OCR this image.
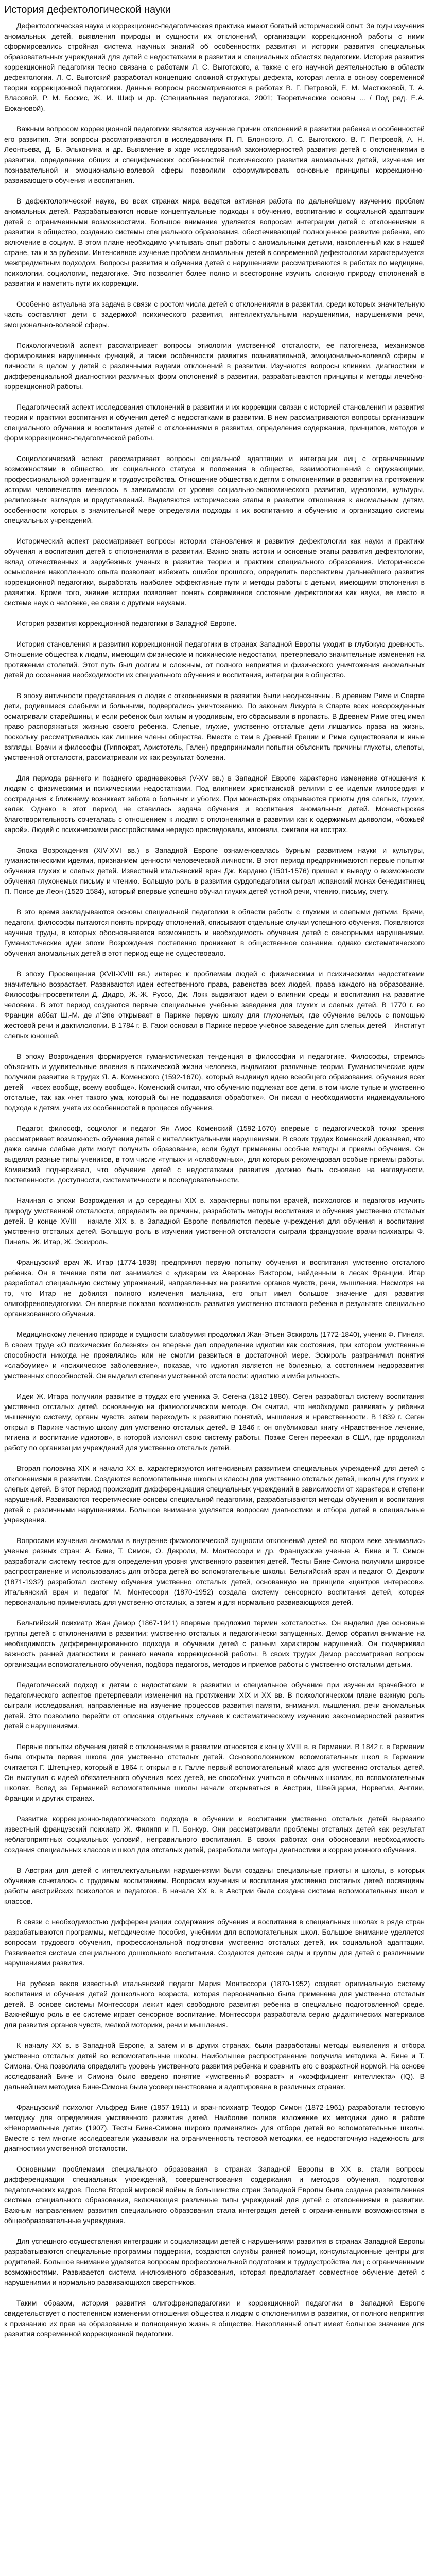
История дефектологической науки

Дефектологическая наука и коррекционно-педагогическая практика имеют богатый исторический опыт. За годы изучения аномальных детей, выявления природы и сущности их отклонений, организации коррекционной работы с ними сформировались стройная система научных знаний об особенностях развития и истории развития специальных образовательных учреждений для детей с недостатками в развитии и специальных областях педагогики. История развития коррекционной педагогики тесно связана с работами Л. С. Выготского, а также с его научной деятельностью в области дефектологии. Л. С. Выготский разработал концепцию сложной структуры дефекта, которая легла в основу современной теории коррекционной педагогики. Данные вопросы рассматриваются в работах В. Г. Петровой, Е. М. Мастюковой, Т. А. Власовой, Р. М. Боскис, Ж. И. Шиф и др. (Специальная педагогика, 2001; Теоретические основы ... / Под ред. Е.А. Екжановой).

Важным вопросом коррекционной педагогики является изучение причин отклонений в развитии ребенка и особенностей его развития. Эти вопросы рассматриваются в исследованиях П. П. Блонского, Л. С. Выготского, В. Г. Петровой, А. Н. Леонтьева, Д. Б. Эльконина и др. Выявление в ходе исследований закономерностей развития детей с отклонениями в развитии, определение общих и специфических особенностей психического развития аномальных детей, изучение их познавательной и эмоционально-волевой сферы позволили сформулировать основные принципы коррекционно-развивающего обучения и воспитания.

В дефектологической науке, во всех странах мира ведется активная работа по дальнейшему изучению проблем аномальных детей. Разрабатываются новые концептуальные подходы к обучению, воспитанию и социальной адаптации детей с ограниченными возможностями. Большое внимание уделяется вопросам интеграции детей с отклонениями в развитии в общество, созданию системы специального образования, обеспечивающей полноценное развитие ребенка, его включение в социум. В этом плане необходимо учитывать опыт работы с аномальными детьми, накопленный как в нашей стране, так и за рубежом. Интенсивное изучение проблем аномальных детей в современной дефектологии характеризуется межпредметным подходом. Вопросы развития и обучения детей с нарушениями рассматриваются в работах по медицине, психологии, социологии, педагогике. Это позволяет более полно и всесторонне изучить сложную природу отклонений в развитии и наметить пути их коррекции.

Особенно актуальна эта задача в связи с ростом числа детей с отклонениями в развитии, среди которых значительную часть составляют дети с задержкой психического развития, интеллектуальными нарушениями, нарушениями речи, эмоционально-волевой сферы.

Психологический аспект рассматривает вопросы этиологии умственной отсталости, ее патогенеза, механизмов формирования нарушенных функций, а также особенности развития познавательной, эмоционально-волевой сферы и личности в целом у детей с различными видами отклонений в развитии. Изучаются вопросы клиники, диагностики и дифференциальной диагностики различных форм отклонений в развитии, разрабатываются принципы и методы лечебно-коррекционной работы.

Педагогический аспект исследования отклонений в развитии и их коррекции связан с историей становления и развития теории и практики воспитания и обучения детей с недостатками в развитии. В нем рассматриваются вопросы организации специального обучения и воспитания детей с отклонениями в развитии, определения содержания, принципов, методов и форм коррекционно-педагогической работы.

Социологический аспект рассматривает вопросы социальной адаптации и интеграции лиц с ограниченными возможностями в общество, их социального статуса и положения в обществе, взаимоотношений с окружающими, профессиональной ориентации и трудоустройства. Отношение общества к детям с отклонениями в развитии на протяжении истории человечества менялось в зависимости от уровня социально-экономического развития, идеологии, культуры, религиозных взглядов и представлений. Выделяются исторические этапы в развитии отношения к аномальным детям, особенности которых в значительной мере определяли подходы к их воспитанию и обучению и организацию системы специальных учреждений.

Исторический аспект рассматривает вопросы истории становления и развития дефектологии как науки и практики обучения и воспитания детей с отклонениями в развитии. Важно знать истоки и основные этапы развития дефектологии, вклад отечественных и зарубежных ученых в развитие теории и практики специального образования. Историческое осмысление накопленного опыта позволяет избежать ошибок прошлого, определить перспективы дальнейшего развития коррекционной педагогики, выработать наиболее эффективные пути и методы работы с детьми, имеющими отклонения в развитии. Кроме того, знание истории позволяет понять современное состояние дефектологии как науки, ее место в системе наук о человеке, ее связи с другими науками.

История развития коррекционной педагогики в Западной Европе.

История становления и развития коррекционной педагогики в странах Западной Европы уходит в глубокую древность. Отношение общества к людям, имеющим физические и психические недостатки, претерпевало значительные изменения на протяжении столетий. Этот путь был долгим и сложным, от полного неприятия и физического уничтожения аномальных детей до осознания необходимости их специального обучения и воспитания, интеграции в общество.

В эпоху античности представления о людях с отклонениями в развитии были неоднозначны. В древнем Риме и Спарте дети, родившиеся слабыми и больными, подвергались уничтожению. По законам Ликурга в Спарте всех новорожденных осматривали старейшины, и если ребенок был хилым и уродливым, его сбрасывали в пропасть. В Древнем Риме отец имел право распоряжаться жизнью своего ребенка. Слепые, глухие, умственно отсталые дети лишались права на жизнь, поскольку рассматривались как лишние члены общества. Вместе с тем в Древней Греции и Риме существовали и иные взгляды. Врачи и философы (Гиппократ, Аристотель, Гален) предпринимали попытки объяснить причины глухоты, слепоты, умственной отсталости, рассматривали их как результат болезни.

Для периода раннего и позднего средневековья (V-XV вв.) в Западной Европе характерно изменение отношения к людям с физическими и психическими недостатками. Под влиянием христианской религии с ее идеями милосердия и сострадания к ближнему возникает забота о больных и убогих. При монастырях открываются приюты для слепых, глухих, калек. Однако в этот период не ставилась задача обучения и воспитания аномальных детей. Монастырская благотворительность сочеталась с отношением к людям с отклонениями в развитии как к одержимым дьяволом, «божьей карой». Людей с психическими расстройствами нередко преследовали, изгоняли, сжигали на кострах.

Эпоха Возрождения (XIV-XVI вв.) в Западной Европе ознаменовалась бурным развитием науки и культуры, гуманистическими идеями, признанием ценности человеческой личности. В этот период предпринимаются первые попытки обучения глухих и слепых детей. Известный итальянский врач Дж. Кардано (1501-1576) пришел к выводу о возможности обучения глухонемых письму и чтению. Большую роль в развитии сурдопедагогики сыграл испанский монах-бенедиктинец П. Понсе де Леон (1520-1584), который впервые успешно обучал глухих детей устной речи, чтению, письму, счету.

В это время закладываются основы специальной педагогики в области работы с глухими и слепыми детьми. Врачи, педагоги, философы пытаются понять природу отклонений, описывают отдельные случаи успешного обучения. Появляются научные труды, в которых обосновывается возможность и необходимость обучения детей с сенсорными нарушениями. Гуманистические идеи эпохи Возрождения постепенно проникают в общественное сознание, однако систематического обучения аномальных детей в этот период еще не существовало.

В эпоху Просвещения (XVII-XVIII вв.) интерес к проблемам людей с физическими и психическими недостатками значительно возрастает. Развиваются идеи естественного права, равенства всех людей, права каждого на образование. Философы-просветители Д. Дидро, Ж.-Ж. Руссо, Дж. Локк выдвигают идеи о влиянии среды и воспитания на развитие человека. В этот период создаются первые специальные учебные заведения для глухих и слепых детей. В 1770 г. во Франции аббат Ш.-М. де л’Эпе открывает в Париже первую школу для глухонемых, где обучение велось с помощью жестовой речи и дактилологии. В 1784 г. В. Гаюи основал в Париже первое учебное заведение для слепых детей – Институт слепых юношей.

В эпоху Возрождения формируется гуманистическая тенденция в философии и педагогике. Философы, стремясь объяснить и удивительные явления в психической жизни человека, выдвигают различные теории. Гуманистические идеи получили развитие в трудах Я. А. Коменского (1592-1670), который выдвинул идею всеобщего образования, обучения всех детей – «всех вообще, всему вообще». Коменский считал, что обучению подлежат все дети, в том числе тупые и умственно отсталые, так как «нет такого ума, который бы не поддавался обработке». Он писал о необходимости индивидуального подхода к детям, учета их особенностей в процессе обучения.

Педагог, философ, социолог и педагог Ян Амос Коменский (1592-1670) впервые с педагогической точки зрения рассматривает возможность обучения детей с интеллектуальными нарушениями. В своих трудах Коменский доказывал, что даже самые слабые дети могут получить образование, если будут применены особые методы и приемы обучения. Он выделял разные типы учеников, в том числе «тупых» и «слабоумных», для которых рекомендовал особые приемы работы. Коменский подчеркивал, что обучение детей с недостатками развития должно быть основано на наглядности, постепенности, доступности, систематичности и последовательности.

Начиная с эпохи Возрождения и до середины XIX в. характерны попытки врачей, психологов и педагогов изучить природу умственной отсталости, определить ее причины, разработать методы воспитания и обучения умственно отсталых детей. В конце XVIII – начале XIX в. в Западной Европе появляются первые учреждения для обучения и воспитания умственно отсталых детей. Большую роль в изучении умственной отсталости сыграли французские врачи-психиатры Ф. Пинель, Ж. Итар, Ж. Эскироль.

Французский врач Ж. Итар (1774-1838) предпринял первую попытку обучения и воспитания умственно отсталого ребенка. Он в течение пяти лет занимался с «дикарем из Аверона» Виктором, найденным в лесах Франции. Итар разработал специальную систему упражнений, направленных на развитие органов чувств, речи, мышления. Несмотря на то, что Итар не добился полного излечения мальчика, его опыт имел большое значение для развития олигофренопедагогики. Он впервые показал возможность развития умственно отсталого ребенка в результате специально организованного обучения.

Медицинскому лечению природе и сущности слабоумия продолжил Жан-Этьен Эскироль (1772-1840), ученик Ф. Пинеля. В своем труде «О психических болезнях» он впервые дал определение идиотии как состояния, при котором умственные способности никогда не проявлялись или не смогли развиться в достаточной мере. Эскироль разграничил понятия «слабоумие» и «психическое заболевание», показав, что идиотия является не болезнью, а состоянием недоразвития умственных способностей. Он выделил степени умственной отсталости: идиотию и имбецильность.

Идеи Ж. Итара получили развитие в трудах его ученика Э. Сегена (1812-1880). Сеген разработал систему воспитания умственно отсталых детей, основанную на физиологическом методе. Он считал, что необходимо развивать у ребенка мышечную систему, органы чувств, затем переходить к развитию понятий, мышления и нравственности. В 1839 г. Сеген открыл в Париже частную школу для умственно отсталых детей. В 1846 г. он опубликовал книгу «Нравственное лечение, гигиена и воспитание идиотов», в которой изложил свою систему работы. Позже Сеген переехал в США, где продолжал работу по организации учреждений для умственно отсталых детей.

Вторая половина XIX и начало XX в. характеризуются интенсивным развитием специальных учреждений для детей с отклонениями в развитии. Создаются вспомогательные школы и классы для умственно отсталых детей, школы для глухих и слепых детей. В этот период происходит дифференциация специальных учреждений в зависимости от характера и степени нарушений. Развиваются теоретические основы специальной педагогики, разрабатываются методы обучения и воспитания детей с различными нарушениями. Большое внимание уделяется вопросам диагностики и отбора детей в специальные учреждения.

Вопросами изучения аномалии в внутренне-физиологической сущности отклонений детей во втором веке занимались ученые разных стран: А. Бине, Т. Симон, О. Декроли, М. Монтессори и др. Французские ученые А. Бине и Т. Симон разработали систему тестов для определения уровня умственного развития детей. Тесты Бине-Симона получили широкое распространение и использовались для отбора детей во вспомогательные школы. Бельгийский врач и педагог О. Декроли (1871-1932) разработал систему обучения умственно отсталых детей, основанную на принципе «центров интересов». Итальянский врач и педагог М. Монтессори (1870-1952) создала систему сенсорного воспитания детей, которая первоначально применялась для умственно отсталых, а затем и для нормально развивающихся детей.

Бельгийский психиатр Жан Демор (1867-1941) впервые предложил термин «отсталость». Он выделил две основные группы детей с отклонениями в развитии: умственно отсталых и педагогически запущенных. Демор обратил внимание на необходимость дифференцированного подхода в обучении детей с разным характером нарушений. Он подчеркивал важность ранней диагностики и раннего начала коррекционной работы. В своих трудах Демор рассматривал вопросы организации вспомогательного обучения, подбора педагогов, методов и приемов работы с умственно отсталыми детьми.

Педагогический подход к детям с недостатками в развитии и специальное обучение при изучении врачебного и педагогического аспектов претерпевали изменения на протяжении XIX и XX вв. В психологическом плане важную роль сыграли исследования, направленные на изучение процессов развития памяти, внимания, мышления, речи аномальных детей. Это позволило перейти от описания отдельных случаев к систематическому изучению закономерностей развития детей с нарушениями.

Первые попытки обучения детей с отклонениями в развитии относятся к концу XVIII в. в Германии. В 1842 г. в Германии была открыта первая школа для умственно отсталых детей. Основоположником вспомогательных школ в Германии считается Г. Штетцнер, который в 1864 г. открыл в г. Галле первый вспомогательный класс для умственно отсталых детей. Он выступил с идеей обязательного обучения всех детей, не способных учиться в обычных школах, во вспомогательных школах. Вслед за Германией вспомогательные школы начали открываться в Австрии, Швейцарии, Норвегии, Англии, Франции и других странах.

Развитие коррекционно-педагогического подхода в обучении и воспитании умственно отсталых детей выразило известный французский психиатр Ж. Филипп и П. Бонкур. Они рассматривали проблемы отсталых детей как результат неблагоприятных социальных условий, неправильного воспитания. В своих работах они обосновали необходимость создания специальных классов и школ для отсталых детей, разработали методы диагностики и коррекционного обучения.

В Австрии для детей с интеллектуальными нарушениями были созданы специальные приюты и школы, в которых обучение сочеталось с трудовым воспитанием. Вопросам изучения и воспитания умственно отсталых детей посвящены работы австрийских психологов и педагогов. В начале XX в. в Австрии была создана система вспомогательных школ и классов.

В связи с необходимостью дифференциации содержания обучения и воспитания в специальных школах в ряде стран разрабатываются программы, методические пособия, учебники для вспомогательных школ. Большое внимание уделяется вопросам трудового обучения, профессиональной подготовки умственно отсталых детей, их социальной адаптации. Развивается система специального дошкольного воспитания. Создаются детские сады и группы для детей с различными нарушениями развития.

На рубеже веков известный итальянский педагог Мария Монтессори (1870-1952) создает оригинальную систему воспитания и обучения детей дошкольного возраста, которая первоначально была применена для умственно отсталых детей. В основе системы Монтессори лежит идея свободного развития ребенка в специально подготовленной среде. Важнейшую роль в ее системе играет сенсорное воспитание. Монтессори разработала серию дидактических материалов для развития органов чувств, мелкой моторики, речи и мышления.

К началу XX в. в Западной Европе, а затем и в других странах, были разработаны методы выявления и отбора умственно отсталых детей во вспомогательные школы. Наибольшее распространение получила методика А. Бине и Т. Симона. Она позволила определить уровень умственного развития ребенка и сравнить его с возрастной нормой. На основе исследований Бине и Симона было введено понятие «умственный возраст» и «коэффициент интеллекта» (IQ). В дальнейшем методика Бине-Симона была усовершенствована и адаптирована в различных странах.

Французский психолог Альфред Бине (1857-1911) и врач-психиатр Теодор Симон (1872-1961) разработали тестовую методику для определения умственного развития детей. Наиболее полное изложение их методики дано в работе «Ненормальные дети» (1907). Тесты Бине-Симона широко применялись для отбора детей во вспомогательные школы. Вместе с тем многие исследователи указывали на ограниченность тестовой методики, ее недостаточную надежность для диагностики умственной отсталости.

Основными проблемами специального образования в странах Западной Европы в XX в. стали вопросы дифференциации специальных учреждений, совершенствования содержания и методов обучения, подготовки педагогических кадров. После Второй мировой войны в большинстве стран Западной Европы была создана разветвленная система специального образования, включающая различные типы учреждений для детей с отклонениями в развитии. Важным направлением развития специального образования стала интеграция детей с ограниченными возможностями в общеобразовательные учреждения.

Для успешного осуществления интеграции и социализации детей с нарушениями развития в странах Западной Европы разрабатываются специальные программы поддержки, создаются службы ранней помощи, консультационные центры для родителей. Большое внимание уделяется вопросам профессиональной подготовки и трудоустройства лиц с ограниченными возможностями. Развивается система инклюзивного образования, которая предполагает совместное обучение детей с нарушениями и нормально развивающихся сверстников.

Таким образом, история развития олигофренопедагогики и коррекционной педагогики в Западной Европе свидетельствует о постепенном изменении отношения общества к людям с отклонениями в развитии, от полного неприятия к признанию их прав на образование и полноценную жизнь в обществе. Накопленный опыт имеет большое значение для развития современной коррекционной педагогики.
